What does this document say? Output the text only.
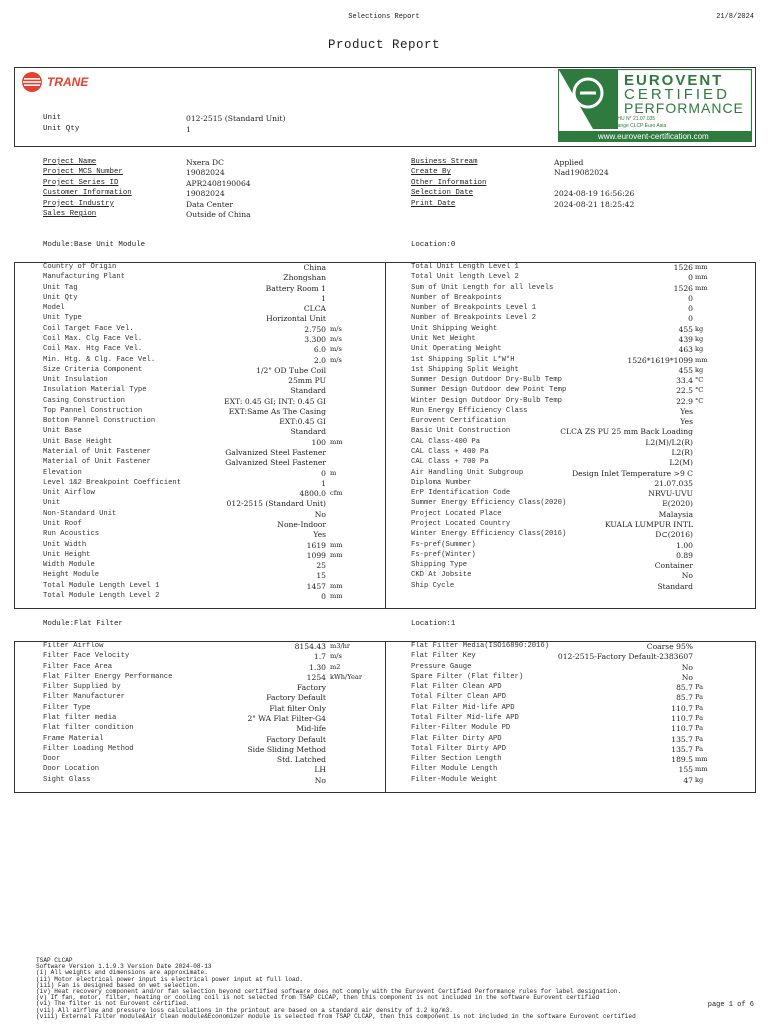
Selections Report	21/8/2024
Product Report
TRANE	EUROVENT
CERTIFIED
PERFORMANCE
AHU N° 21.07.035
Range CLCP Euro Asia
www.eurovent-certification.com
Unit	012-2515 (Standard Unit)
Unit Qty	1
Project Name	Nxera DC
Project MCS Number	19082024
Project Series ID	APR2408190064
Customer Information	19082024
Project Industry	Data Center
Sales Region	Outside of China
Business Stream	Applied
Create By	Nad19082024
Other Information
Selection Date	2024-08-19 16:56:26
Print Date	2024-08-21 18:25:42
Module:Base Unit Module	Location:0
Country of Origin	China
Manufacturing Plant	Zhongshan
Unit Tag	Battery Room 1
Unit Qty	1
Model	CLCA
Unit Type	Horizontal Unit
Coil Target Face Vel.	2.750 m/s
Coil Max. Clg Face Vel.	3.300 m/s
Coil Max. Htg Face Vel.	6.0 m/s
Min. Htg. & Clg. Face Vel.	2.0 m/s
Size Criteria Component	1/2" OD Tube Coil
Unit Insulation	25mm PU
Insulation Material Type	Standard
Casing Construction	EXT: 0.45 GI; INT: 0.45 GI
Top Pannel Construction	EXT:Same As The Casing
Bottom Pannel Construction	EXT:0.45 GI
Unit Base	Standard
Unit Base Height	100 mm
Material of Unit Fastener	Galvanized Steel Fastener
Material of Unit Fastener	Galvanized Steel Fastener
Elevation	0 m
Level 1&2 Breakpoint Coefficient	1
Unit Airflow	4800.0 cfm
Unit	012-2515 (Standard Unit)
Non-Standard Unit	No
Unit Roof	None-Indoor
Run Acoustics	Yes
Unit Width	1619 mm
Unit Height	1099 mm
Width Module	25
Height Module	15
Total Module Length Level 1	1457 mm
Total Module Length Level 2	0 mm
Total Unit Length Level 1	1526 mm
Total Unit length Level 2	0 mm
Sum of Unit Length for all levels	1526 mm
Number of Breakpoints	0
Number of Breakpoints Level 1	0
Number of Breakpoints Level 2	0
Unit Shipping Weight	455 kg
Unit Net Weight	439 kg
Unit Operating Weight	463 kg
1st Shipping Split L*W*H	1526*1619*1099 mm
1st Shipping Split Weight	455 kg
Summer Design Outdoor Dry-Bulb Temp	33.4 °C
Summer Design Outdoor dew Point Temp	22.5 °C
Winter Design Outdoor Dry-Bulb Temp	22.9 °C
Run Energy Efficiency Class	Yes
Eurovent Certification	Yes
Basic Unit Construction	CLCA ZS PU 25 mm Back Loading
CAL Class-400 Pa	L2(M)/L2(R)
CAL Class + 400 Pa	L2(R)
CAL Class + 700 Pa	L2(M)
Air Handling Unit Subgroup	Design Inlet Temperature >9 C
Diploma Number	21.07.035
ErP Identification Code	NRVU-UVU
Summer Energy Efficiency Class(2020)	E(2020)
Project Located Place	Malaysia
Project Located Country	KUALA LUMPUR INTL
Winter Energy Efficiency Class(2016)	D⊂(2016)
Fs-pref(Summer)	1.00
Fs-pref(Winter)	0.89
Shipping Type	Container
CKD At Jobsite	No
Ship Cycle	Standard
Module:Flat Filter	Location:1
Filter Airflow	8154.43 m3/hr
Filter Face Velocity	1.7 m/s
Filter Face Area	1.30 m2
Flat Filter Energy Performance	1254 kWh/Year
Filter Supplied by	Factory
Filter Manufacturer	Factory Default
Filter Type	Flat filter Only
Flat filter media	2" WA Flat Filter-G4
Flat filter condition	Mid-life
Frame Material	Factory Default
Filter Loading Method	Side Sliding Method
Door	Std. Latched
Door Location	LH
Sight Glass	No
Flat Filter Media(ISO16890:2016)	Coarse 95%
Flat Filter Key	012-2515-Factory Default-2383607
Pressure Gauge	No
Spare Filter (Flat filter)	No
Flat Filter Clean APD	85.7 Pa
Total Filter Clean APD	85.7 Pa
Flat Filter Mid-life APD	110.7 Pa
Total Filter Mid-life APD	110.7 Pa
Filter-Filter Module PD	110.7 Pa
Flat Filter Dirty APD	135.7 Pa
Total Filter Dirty APD	135.7 Pa
Filter Section Length	189.5 mm
Filter Module Length	155 mm
Filter-Module Weight	47 kg
TSAP CLCAP
Software Version 1.1.9.3 Version Date 2024-08-13
(i) All weights and dimensions are approximate.
(ii) Motor electrical power input is electrical power input at full load.
(iii) Fan is designed based on wet selection.
(iv) Heat recovery component and/or fan selection beyond certified software does not comply with the Eurovent Certified Performance rules for label designation.
(v) If fan, motor, filter, heating or cooling coil is not selected from TSAP CLCAP, then this component is not included in the software Eurovent certified
(vi) The filter is not Eurovent certified.
(vii) All airflow and pressure loss calculations in the printout are based on a standard air density of 1.2 kg/m3.
(viii) External Filter module&Air Clean module&Economizer module is selected from TSAP CLCAP, then this component is not included in the software Eurovent certified
page 1 of 6
